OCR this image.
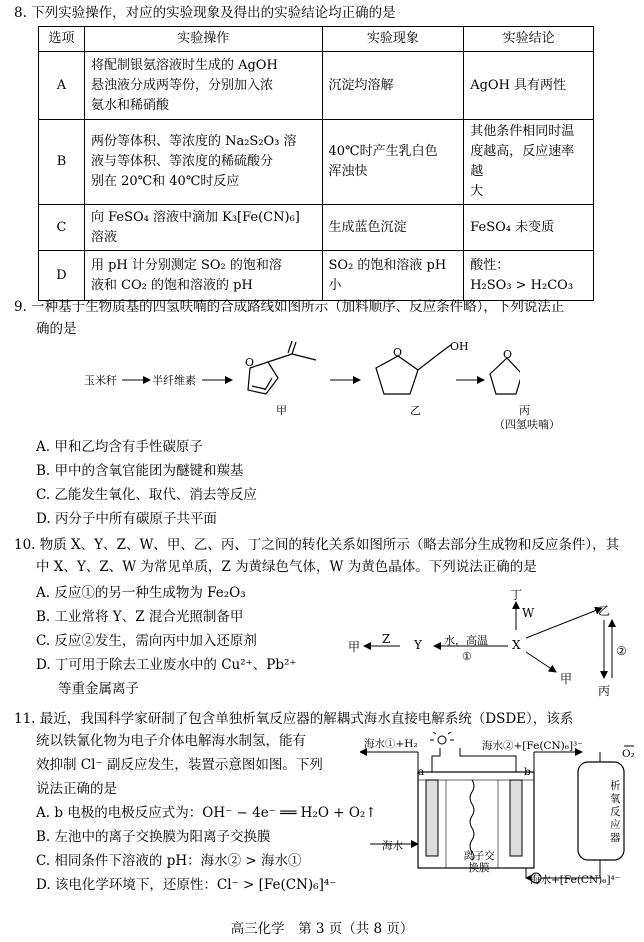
8. 下列实验操作，对应的实验现象及得出的实验结论均正确的是
选项	实验操作	实验现象	实验结论
A	将配制银氨溶液时生成的 AgOH
悬浊液分成两等份，分别加入浓
氨水和稀硝酸	沉淀均溶解	AgOH 具有两性
B	两份等体积、等浓度的 Na₂S₂O₃ 溶
液与等体积、等浓度的稀硫酸分
别在 20℃和 40℃时反应	40℃时产生乳白色
浑浊快	其他条件相同时温
度越高，反应速率越
大
C	向 FeSO₄ 溶液中滴加 K₃[Fe(CN)₆]
溶液	生成蓝色沉淀	FeSO₄ 未变质
D	用 pH 计分别测定 SO₂ 的饱和溶
液和 CO₂ 的饱和溶液的 pH	SO₂ 的饱和溶液 pH
小	酸性：
H₂SO₃ > H₂CO₃
9. 一种基于生物质基的四氢呋喃的合成路线如图所示（加料顺序、反应条件略），下列说法正
确的是
O
O	OH
O
玉米秆	半纤维素
甲	乙	丙
（四氢呋喃）
A. 甲和乙均含有手性碳原子
B. 甲中的含氧官能团为醚键和羰基
C. 乙能发生氧化、取代、消去等反应
D. 丙分子中所有碳原子共平面
10. 物质 X、Y、Z、W、甲、乙、丙、丁之间的转化关系如图所示（略去部分生成物和反应条件），其
中 X、Y、Z、W 为常见单质，Z 为黄绿色气体，W 为黄色晶体。下列说法正确的是
A. 反应①的另一种生成物为 Fe₂O₃
B. 工业常将 Y、Z 混合光照制备甲
C. 反应②发生，需向丙中加入还原剂
D. 丁可用于除去工业废水中的 Cu²⁺、Pb²⁺
等重金属离子
丁
W
甲
Z Y 水，高温
①
X
乙
②
甲
丙
11. 最近，我国科学家研制了包含单独析氧反应器的解耦式海水直接电解系统（DSDE），该系
统以铁氰化物为电子介体电解海水制氢，能有
效抑制 Cl⁻ 副反应发生，装置示意图如图。下列
说法正确的是
A. b 电极的电极反应式为：OH⁻ − 4e⁻ ══ H₂O + O₂↑
B. 左池中的离子交换膜为阳离子交换膜
C. 相同条件下溶液的 pH：海水② > 海水①
D. 该电化学环境下，还原性：Cl⁻ > [Fe(CN)₆]⁴⁻
海水①+H₂	海水②+[Fe(CN)₆]³⁻
O₂
a	b
析氧反应器
海水
离子交换膜
海水+[Fe(CN)₆]⁴⁻
高三化学　第 3 页（共 8 页）
